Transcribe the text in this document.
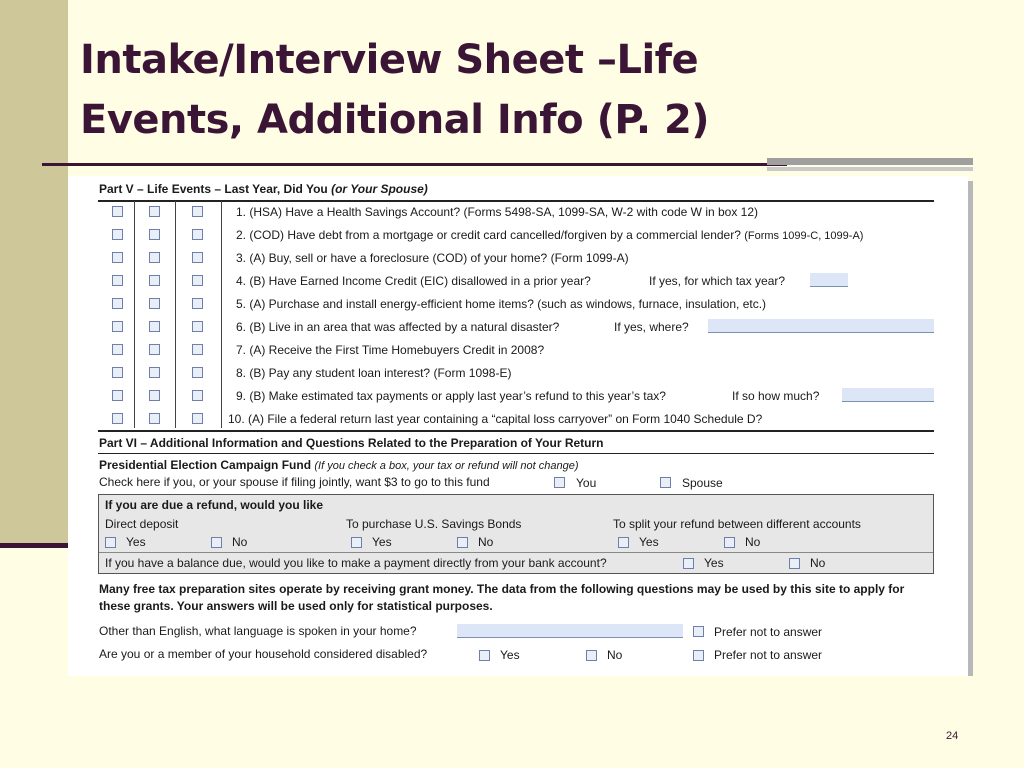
Intake/Interview Sheet –Life
Events, Additional Info (P. 2)
Part V – Life Events – Last Year, Did You (or Your Spouse)
1. (HSA) Have a Health Savings Account? (Forms 5498-SA, 1099-SA, W-2 with code W in box 12)
2. (COD) Have debt from a mortgage or credit card cancelled/forgiven by a commercial lender? (Forms 1099-C, 1099-A)
3. (A) Buy, sell or have a foreclosure (COD) of your home? (Form 1099-A)
4. (B) Have Earned Income Credit (EIC) disallowed in a prior year?	If yes, for which tax year?
5. (A) Purchase and install energy-efficient home items? (such as windows, furnace, insulation, etc.)
6. (B) Live in an area that was affected by a natural disaster?	If yes, where?
7. (A) Receive the First Time Homebuyers Credit in 2008?
8. (B) Pay any student loan interest? (Form 1098-E)
9. (B) Make estimated tax payments or apply last year’s refund to this year’s tax?	If so how much?
10. (A) File a federal return last year containing a “capital loss carryover” on Form 1040 Schedule D?
Part VI – Additional Information and Questions Related to the Preparation of Your Return
Presidential Election Campaign Fund (If you check a box, your tax or refund will not change)
Check here if you, or your spouse if filing jointly, want $3 to go to this fund	You	Spouse
If you are due a refund, would you like
Direct deposit	To purchase U.S. Savings Bonds	To split your refund between different accounts
Yes	No	Yes	No	Yes	No
If you have a balance due, would you like to make a payment directly from your bank account?	Yes	No
Many free tax preparation sites operate by receiving grant money. The data from the following questions may be used by this site to apply for these grants. Your answers will be used only for statistical purposes.
Other than English, what language is spoken in your home?	Prefer not to answer
Are you or a member of your household considered disabled?	Yes	No	Prefer not to answer
24
